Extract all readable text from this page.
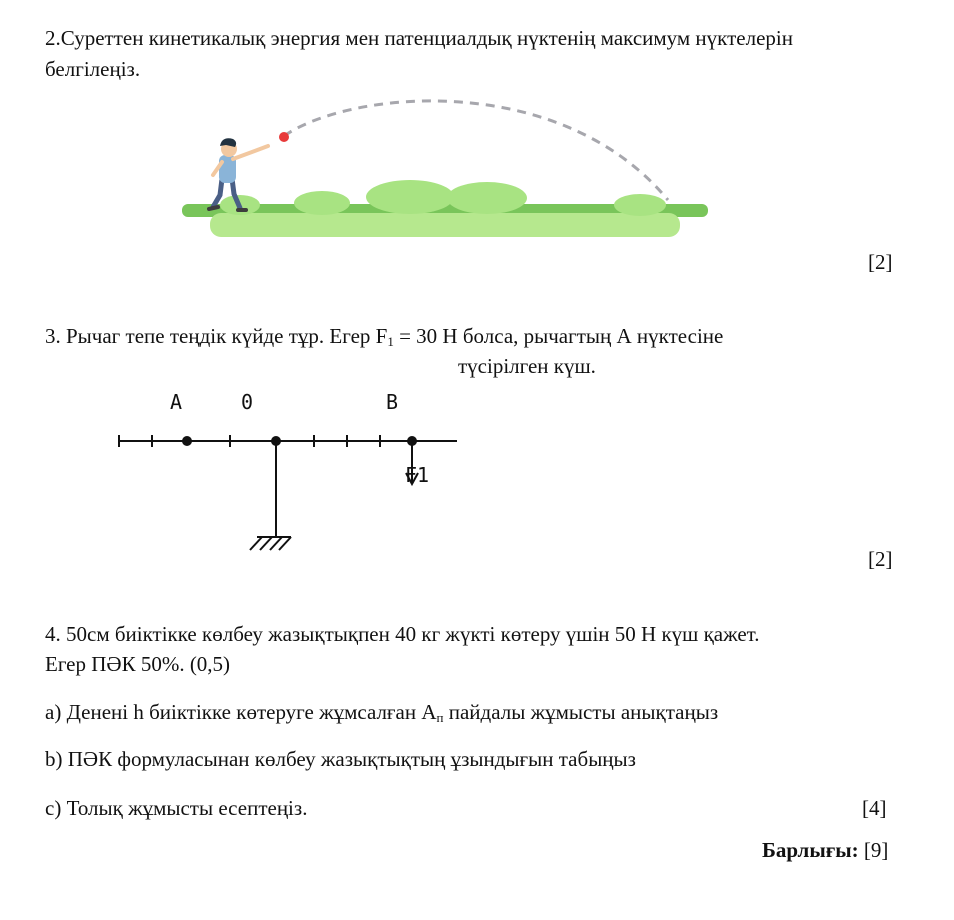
2.Суреттен кинетикалық энергия мен патенциалдық нүктенің максимум нүктелерін
белгілеңіз.
[2]
3. Рычаг тепе теңдік күйде тұр. Егер $F_1 = 30$ Н болса, рычагтың А нүктесіне
түсірілген күш.
A	0	B
F1
[2]
4. 50см биіктікке көлбеу жазықтықпен 40 кг жүкті көтеру үшін 50 Н күш қажет.
Егер ПӘК 50%. (0,5)
a) Денені h биіктікке көтеруге жұмсалған $А_п$ пайдалы жұмысты анықтаңыз
b) ПӘК формуласынан көлбеу жазықтықтың ұзындығын табыңыз
c) Толық жұмысты есептеңіз.	[4]
Барлығы: [9]
